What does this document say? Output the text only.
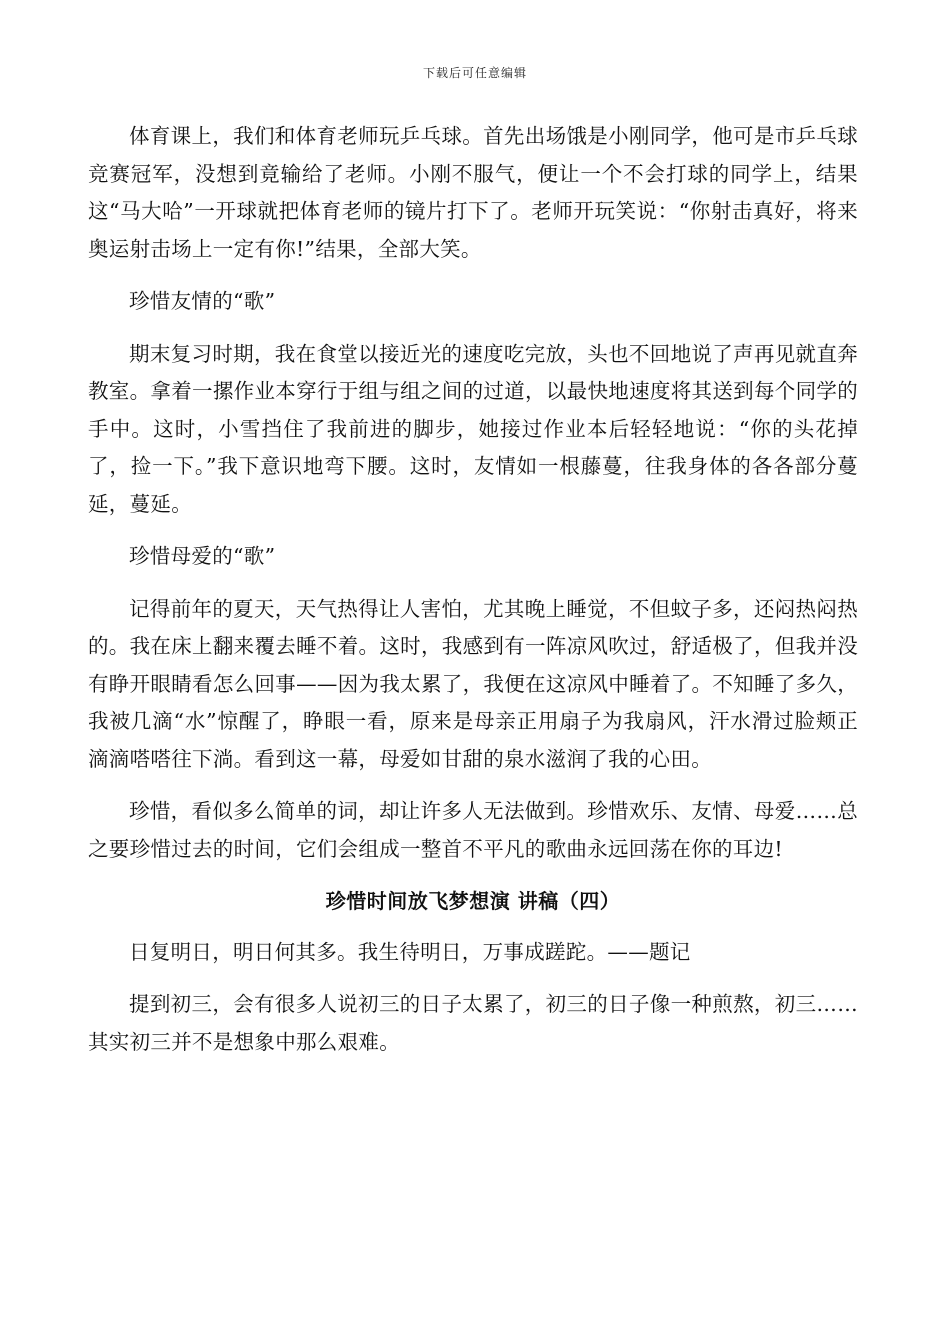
下载后可任意编辑

体育课上，我们和体育老师玩乒乓球。首先出场饿是小刚同学，他可是市乒乓球竞赛冠军，没想到竟输给了老师。小刚不服气，便让一个不会打球的同学上，结果这“马大哈”一开球就把体育老师的镜片打下了。老师开玩笑说：“你射击真好，将来奥运射击场上一定有你!”结果，全部大笑。

珍惜友情的“歌”

期末复习时期，我在食堂以接近光的速度吃完放，头也不回地说了声再见就直奔教室。拿着一摞作业本穿行于组与组之间的过道，以最快地速度将其送到每个同学的手中。这时，小雪挡住了我前进的脚步，她接过作业本后轻轻地说：“你的头花掉了，捡一下。”我下意识地弯下腰。这时，友情如一根藤蔓，往我身体的各各部分蔓延，蔓延。

珍惜母爱的“歌”

记得前年的夏天，天气热得让人害怕，尤其晚上睡觉，不但蚊子多，还闷热闷热的。我在床上翻来覆去睡不着。这时，我感到有一阵凉风吹过，舒适极了，但我并没有睁开眼睛看怎么回事——因为我太累了，我便在这凉风中睡着了。不知睡了多久，我被几滴“水”惊醒了，睁眼一看，原来是母亲正用扇子为我扇风，汗水滑过脸颊正滴滴嗒嗒往下淌。看到这一幕，母爱如甘甜的泉水滋润了我的心田。

珍惜，看似多么简单的词，却让许多人无法做到。珍惜欢乐、友情、母爱……总之要珍惜过去的时间，它们会组成一整首不平凡的歌曲永远回荡在你的耳边!

珍惜时间放飞梦想演 讲稿（四）

日复明日，明日何其多。我生待明日，万事成蹉跎。——题记

提到初三，会有很多人说初三的日子太累了，初三的日子像一种煎熬，初三……其实初三并不是想象中那么艰难。
